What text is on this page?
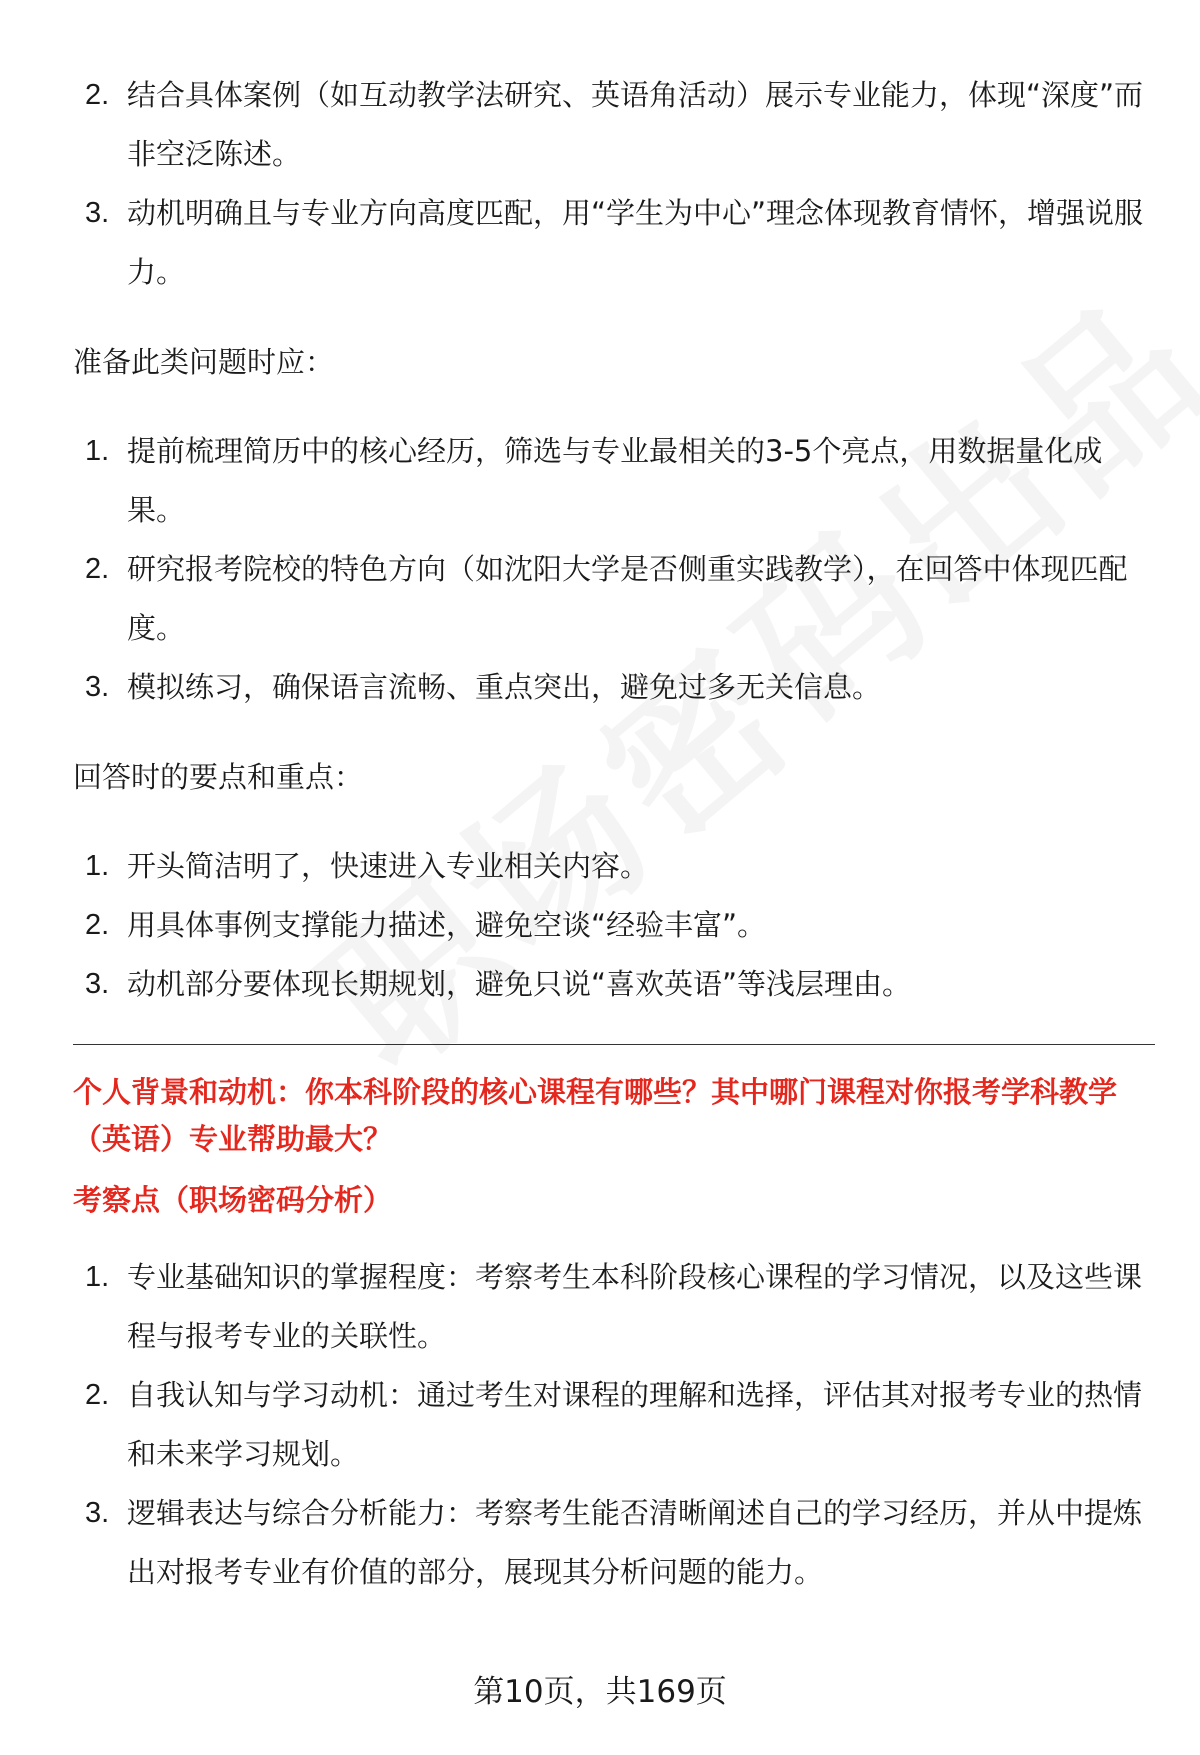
2. 结合具体案例（如互动教学法研究、英语角活动）展示专业能力，体现“深度”而非空泛陈述。
3. 动机明确且与专业方向高度匹配，用“学生为中心”理念体现教育情怀，增强说服力。

准备此类问题时应：

1. 提前梳理简历中的核心经历，筛选与专业最相关的3-5个亮点，用数据量化成果。
2. 研究报考院校的特色方向（如沈阳大学是否侧重实践教学），在回答中体现匹配度。
3. 模拟练习，确保语言流畅、重点突出，避免过多无关信息。

回答时的要点和重点：

1. 开头简洁明了，快速进入专业相关内容。
2. 用具体事例支撑能力描述，避免空谈“经验丰富”。
3. 动机部分要体现长期规划，避免只说“喜欢英语”等浅层理由。

个人背景和动机：你本科阶段的核心课程有哪些？其中哪门课程对你报考学科教学（英语）专业帮助最大？

考察点（职场密码分析）

1. 专业基础知识的掌握程度：考察考生本科阶段核心课程的学习情况，以及这些课程与报考专业的关联性。
2. 自我认知与学习动机：通过考生对课程的理解和选择，评估其对报考专业的热情和未来学习规划。
3. 逻辑表达与综合分析能力：考察考生能否清晰阐述自己的学习经历，并从中提炼出对报考专业有价值的部分，展现其分析问题的能力。
第10页，共169页
